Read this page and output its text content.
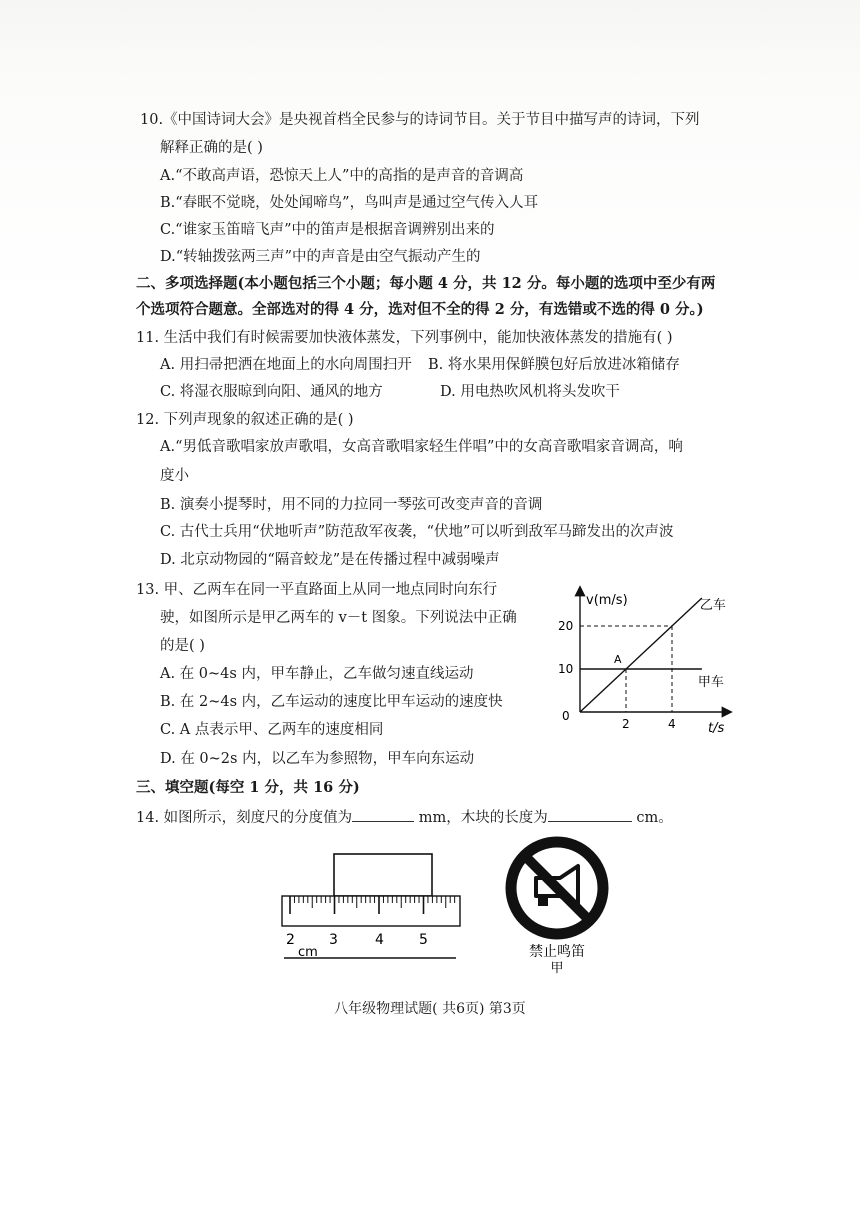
10.《中国诗词大会》是央视首档全民参与的诗词节目。关于节目中描写声的诗词，下列
解释正确的是( )
A.“不敢高声语，恐惊天上人”中的高指的是声音的音调高
B.“春眠不觉晓，处处闻啼鸟”，鸟叫声是通过空气传入人耳
C.“谁家玉笛暗飞声”中的笛声是根据音调辨别出来的
D.“转轴拨弦两三声”中的声音是由空气振动产生的
二、多项选择题(本小题包括三个小题；每小题 4 分，共 12 分。每小题的选项中至少有两
个选项符合题意。全部选对的得 4 分，选对但不全的得 2 分，有选错或不选的得 0 分。)
11. 生活中我们有时候需要加快液体蒸发，下列事例中，能加快液体蒸发的措施有( )
A. 用扫帚把洒在地面上的水向周围扫开 B. 将水果用保鲜膜包好后放进冰箱储存
C. 将湿衣服晾到向阳、通风的地方	D. 用电热吹风机将头发吹干
12. 下列声现象的叙述正确的是( )
A.“男低音歌唱家放声歌唱，女高音歌唱家轻生伴唱”中的女高音歌唱家音调高，响
度小
B. 演奏小提琴时，用不同的力拉同一琴弦可改变声音的音调
C. 古代士兵用“伏地听声”防范敌军夜袭，“伏地”可以听到敌军马蹄发出的次声波
D. 北京动物园的“隔音蛟龙”是在传播过程中减弱噪声
13. 甲、乙两车在同一平直路面上从同一地点同时向东行
驶，如图所示是甲乙两车的 v－t 图象。下列说法中正确
的是( )
A. 在 0~4s 内，甲车静止，乙车做匀速直线运动
B. 在 2~4s 内，乙车运动的速度比甲车运动的速度快
C. A 点表示甲、乙两车的速度相同
D. 在 0~2s 内，以乙车为参照物，甲车向东运动
2	4
10
20
v(m/s)
t/s
0
A
乙车
甲车
三、填空题(每空 1 分，共 16 分)
14. 如图所示，刻度尺的分度值为	mm，木块的长度为	cm。
2 3	4	5
cm	禁止鸣笛
甲
八年级物理试题( 共6页) 第3页
